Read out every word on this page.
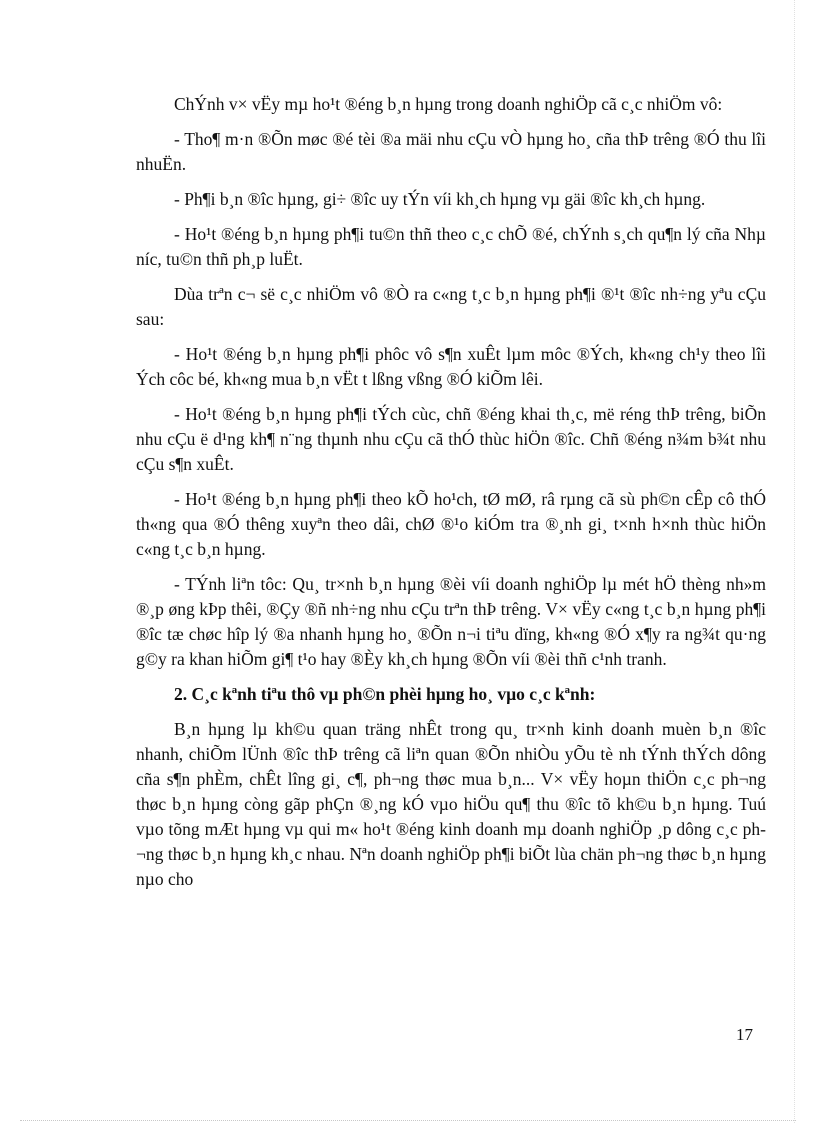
ChÝnh v× vËy mµ ho¹t ®éng b¸n hµng trong doanh nghiÖp cã c¸c nhiÖm vô:

- Tho¶ m·n ®Õn møc ®é tèi ®a mäi nhu cÇu vÒ hµng ho¸ cña thÞ trêng ®Ó thu lîi nhuËn.

- Ph¶i b¸n ®îc hµng, gi÷ ®îc uy tÝn víi kh¸ch hµng vµ gäi ®îc kh¸ch hµng.

- Ho¹t ®éng b¸n hµng ph¶i tu©n thñ theo c¸c chÕ ®é, chÝnh s¸ch qu¶n lý cña Nhµ níc, tu©n thñ ph¸p luËt.

Dùa trªn c¬ së c¸c nhiÖm vô ®Ò ra c«ng t¸c b¸n hµng ph¶i ®¹t ®îc nh÷ng yªu cÇu sau:

- Ho¹t ®éng b¸n hµng ph¶i phôc vô s¶n xuÊt lµm môc ®Ých, kh«ng ch¹y theo lîi Ých côc bé, kh«ng mua b¸n vËt t lßng vßng ®Ó kiÕm lêi.

- Ho¹t ®éng b¸n hµng ph¶i tÝch cùc, chñ ®éng khai th¸c, më réng thÞ trêng, biÕn nhu cÇu ë d¹ng kh¶ n¨ng thµnh nhu cÇu cã thÓ thùc hiÖn ®îc. Chñ ®éng n¾m b¾t nhu cÇu s¶n xuÊt.

- Ho¹t ®éng b¸n hµng ph¶i theo kÕ ho¹ch, tØ mØ, râ rµng cã sù ph©n cÊp cô thÓ th«ng qua ®Ó thêng xuyªn theo dâi, chØ ®¹o kiÓm tra ®¸nh gi¸ t×nh h×nh thùc hiÖn c«ng t¸c b¸n hµng.

- TÝnh liªn tôc: Qu¸ tr×nh b¸n hµng ®èi víi doanh nghiÖp lµ mét hÖ thèng nh»m ®¸p øng kÞp thêi, ®Çy ®ñ nh÷ng nhu cÇu trªn thÞ trêng. V× vËy c«ng t¸c b¸n hµng ph¶i ®îc tæ chøc hîp lý ®a nhanh hµng ho¸ ®Õn n¬i tiªu dïng, kh«ng ®Ó x¶y ra ng¾t qu·ng g©y ra khan hiÕm gi¶ t¹o hay ®Èy kh¸ch hµng ®Õn víi ®èi thñ c¹nh tranh.

2. C¸c kªnh tiªu thô vµ ph©n phèi hµng ho¸ vµo c¸c kªnh:

B¸n hµng lµ kh©u quan träng nhÊt trong qu¸ tr×nh kinh doanh muèn b¸n ®îc nhanh, chiÕm lÜnh ®îc thÞ trêng cã liªn quan ®Õn nhiÒu yÕu tè nh tÝnh thÝch dông cña s¶n phÈm, chÊt lîng gi¸ c¶, ph¬ng thøc mua b¸n... V× vËy hoµn thiÖn c¸c ph¬ng thøc b¸n hµng còng gãp phÇn ®¸ng kÓ vµo hiÖu qu¶ thu ®îc tõ kh©u b¸n hµng. Tuú vµo tõng mÆt hµng vµ qui m« ho¹t ®éng kinh doanh mµ doanh nghiÖp ¸p dông c¸c ph¬ng thøc b¸n hµng kh¸c nhau. Nªn doanh nghiÖp ph¶i biÕt lùa chän ph¬ng thøc b¸n hµng nµo cho

17
